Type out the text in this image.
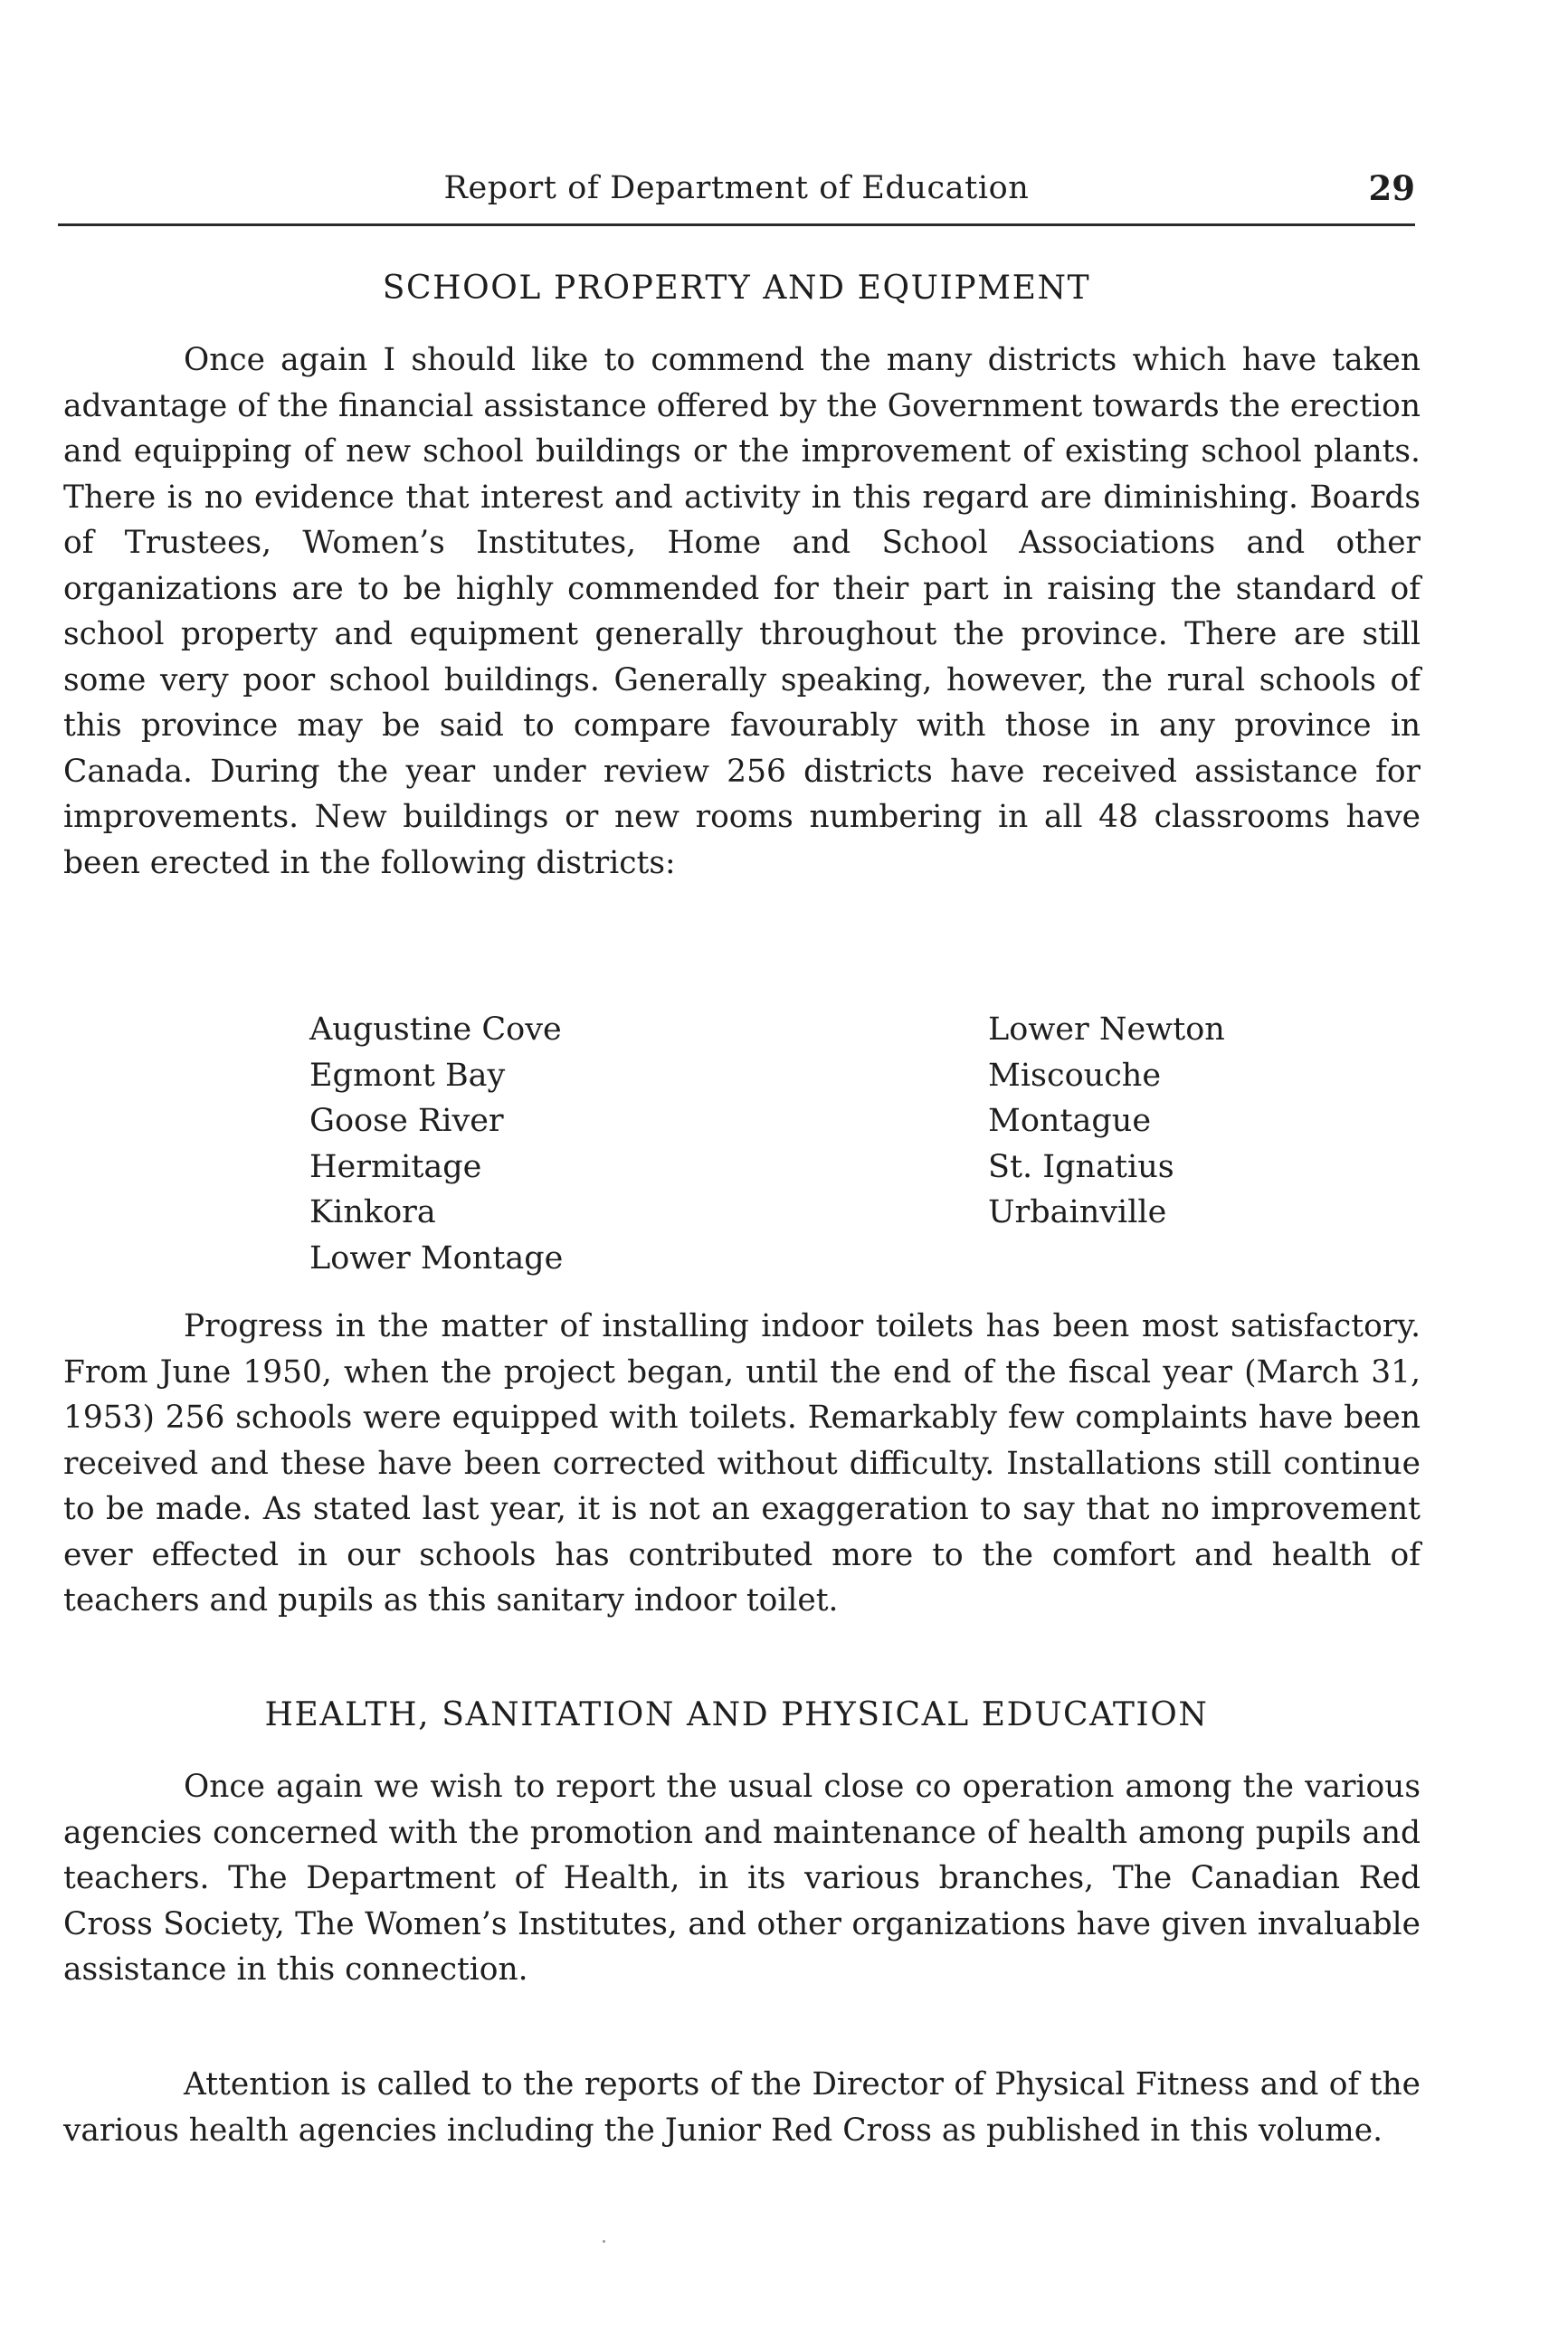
Report of Department of Education	29
SCHOOL PROPERTY AND EQUIPMENT

Once again I should like to commend the many districts which have taken advantage of the financial assistance offered by the Government towards the erection and equipping of new school buildings or the improvement of existing school plants. There is no evidence that interest and activity in this regard are diminishing. Boards of Trustees, Women’s Institutes, Home and School Associations and other organizations are to be highly commended for their part in raising the standard of school property and equipment generally throughout the province. There are still some very poor school buildings. Generally speaking, however, the rural schools of this province may be said to compare favourably with those in any province in Canada. During the year under review 256 districts have received assistance for improvements. New buildings or new rooms numbering in all 48 classrooms have been erected in the following districts:

Augustine Cove
Egmont Bay
Goose River
Hermitage
Kinkora
Lower Montage
Lower Newton
Miscouche
Montague
St. Ignatius
Urbainville

Progress in the matter of installing indoor toilets has been most satisfactory. From June 1950, when the project began, until the end of the fiscal year (March 31, 1953) 256 schools were equipped with toilets. Remarkably few complaints have been received and these have been corrected without difficulty. Installations still continue to be made. As stated last year, it is not an exaggeration to say that no improvement ever effected in our schools has contributed more to the comfort and health of teachers and pupils as this sanitary indoor toilet.

HEALTH, SANITATION AND PHYSICAL EDUCATION

Once again we wish to report the usual close co operation among the various agencies concerned with the promotion and maintenance of health among pupils and teachers. The Department of Health, in its various branches, The Canadian Red Cross Society, The Women’s Institutes, and other organizations have given invaluable assistance in this connection.

Attention is called to the reports of the Director of Physical Fitness and of the various health agencies including the Junior Red Cross as published in this volume.
